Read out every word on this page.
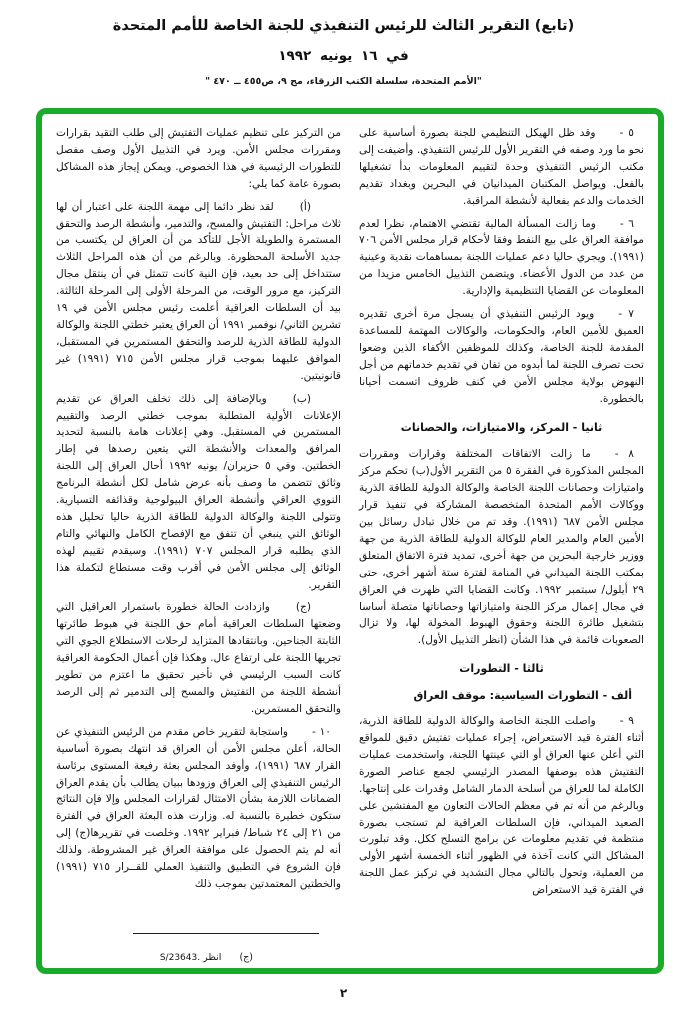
(تابع) التقرير الثالث للرئيس التنفيذي للجنة الخاصة للأمم المتحدة
في ١٦ يونيه ١٩٩٢
"الأمم المتحدة، سلسلة الكتب الزرقاء، مج ٩، ص٤٥٥ ــ ٤٧٠ "

٥ -وقد ظل الهيكل التنظيمي للجنة بصورة أساسية على نحو ما ورد وصفه في التقرير الأول للرئيس التنفيذي. وأضيفت إلى مكتب الرئيس التنفيذي وحدة لتقييم المعلومات بدأ تشغيلها بالفعل. ويواصل المكتبان الميدانيان في البحرين وبغداد تقديم الخدمات والدعم بفعالية لأنشطة المراقبة.

٦ -وما زالت المسألة المالية تقتضي الاهتمام، نظرا لعدم موافقة العراق على بيع النفط وفقا لأحكام قرار مجلس الأمن ٧٠٦ (١٩٩١). ويجري حاليا دعم عمليات اللجنة بمساهمات نقدية وعينية من عدد من الدول الأعضاء. ويتضمن التذييل الخامس مزيدا من المعلومات عن القضايا التنظيمية والإدارية.

٧ -ويود الرئيس التنفيذي أن يسجل مرة أخرى تقديره العميق للأمين العام، والحكومات، والوكالات المهتمة للمساعدة المقدمة للجنة الخاصة، وكذلك للموظفين الأكفاء الذين وضعوا تحت تصرف اللجنة لما أبدوه من تفان في تقديم خدماتهم من أجل النهوض بولاية مجلس الأمن في كنف ظروف اتسمت أحيانا بالخطورة.

ثانيا - المركز، والامتيازات، والحصانات

٨ -ما زالت الاتفاقات المختلفة وقرارات ومقررات المجلس المذكورة في الفقرة ٥ من التقرير الأول(ب) تحكم مركز وامتيازات وحصانات اللجنة الخاصة والوكالة الدولية للطاقة الذرية ووكالات الأمم المتحدة المتخصصة المشاركة في تنفيذ قرار مجلس الأمن ٦٨٧ (١٩٩١). وقد تم من خلال تبادل رسائل بين الأمين العام والمدير العام للوكالة الدولية للطاقة الذرية من جهة ووزير خارجية البحرين من جهة أخرى، تمديد فترة الاتفاق المتعلق بمكتب اللجنة الميداني في المنامة لفترة ستة أشهر أخرى، حتى ٢٩ أيلول/ سبتمبر ١٩٩٢. وكانت القضايا التي ظهرت في العراق في مجال إعمال مركز اللجنة وامتيازاتها وحصاناتها متصلة أساسا بتشغيل طائرة اللجنة وحقوق الهبوط المخولة لها، ولا تزال الصعوبات قائمة في هذا الشأن (انظر التذييل الأول).

ثالثا - التطورات
ألف - التطورات السياسية: موقف العراق

٩ -واصلت اللجنة الخاصة والوكالة الدولية للطاقة الذرية، أثناء الفترة قيد الاستعراض، إجراء عمليات تفتيش دقيق للمواقع التي أعلن عنها العراق أو التي عينتها اللجنة، واستخدمت عمليات التفتيش هذه بوصفها المصدر الرئيسي لجمع عناصر الصورة الكاملة لما للعراق من أسلحة الدمار الشامل وقدرات على إنتاجها. وبالرغم من أنه تم في معظم الحالات التعاون مع المفتشين على الصعيد الميداني، فإن السلطات العراقية لم تستجب بصورة منتظمة في تقديم معلومات عن برامج التسلح ككل. وقد تبلورت المشاكل التي كانت آخذة في الظهور أثناء الخمسة أشهر الأولى من العملية، وتحول بالتالي مجال التشديد في تركيز عمل اللجنة في الفترة قيد الاستعراض

من التركيز على تنظيم عمليات التفتيش إلى طلب التقيد بقرارات ومقررات مجلس الأمن. ويرد في التذييل الأول وصف مفصل للتطورات الرئيسية في هذا الخصوص. ويمكن إيجاز هذه المشاكل بصورة عامة كما يلي:

(أ)لقد نظر دائما إلى مهمة اللجنة على اعتبار أن لها ثلاث مراحل: التفتيش والمسح، والتدمير، وأنشطة الرصد والتحقق المستمرة والطويلة الأجل للتأكد من أن العراق لن يكتسب من جديد الأسلحة المحظورة. وبالرغم من أن هذه المراحل الثلاث ستتداخل إلى حد بعيد، فإن النية كانت تتمثل في أن ينتقل مجال التركيز، مع مرور الوقت، من المرحلة الأولى إلى المرحلة الثالثة. بيد أن السلطات العراقية أعلمت رئيس مجلس الأمن في ١٩ تشرين الثاني/ نوفمبر ١٩٩١ أن العراق يعتبر خطتي اللجنة والوكالة الدولية للطاقة الذرية للرصد والتحقق المستمرين في المستقبل، الموافق عليهما بموجب قرار مجلس الأمن ٧١٥ (١٩٩١) غير قانونيتين.

(ب)وبالإضافة إلى ذلك تخلف العراق عن تقديم الإعلانات الأولية المتطلبة بموجب خطتي الرصد والتقييم المستمرين في المستقبل. وهي إعلانات هامة بالنسبة لتحديد المرافق والمعدات والأنشطة التي يتعين رصدها في إطار الخطتين. وفي ٥ حزيران/ يونيه ١٩٩٢ أحال العراق إلى اللجنة وثائق تتضمن ما وصف بأنه عرض شامل لكل أنشطة البرنامج النووي العراقي وأنشطة العراق البيولوجية وقذائفه التسيارية. وتتولى اللجنة والوكالة الدولية للطاقة الذرية حاليا تحليل هذه الوثائق التي ينبغي أن تتفق مع الإفصاح الكامل والنهائي والتام الذي يطلبه قرار المجلس ٧٠٧ (١٩٩١). وسيقدم تقييم لهذه الوثائق إلى مجلس الأمن في أقرب وقت مستطاع لتكملة هذا التقرير.

(ج)وازدادت الحالة خطورة باستمرار العراقيل التي وضعتها السلطات العراقية أمام حق اللجنة في هبوط طائرتها الثابتة الجناحين. وبانتقادها المتزايد لرحلات الاستطلاع الجوي التي تجريها اللجنة على ارتفاع عال. وهكذا فإن أعمال الحكومة العراقية كانت السبب الرئيسي في تأخير تحقيق ما اعتزم من تطوير أنشطة اللجنة من التفتيش والمسح إلى التدمير ثم إلى الرصد والتحقق المستمرين.

١٠ -واستجابة لتقرير خاص مقدم من الرئيس التنفيذي عن الحالة، أعلن مجلس الأمن أن العراق قد انتهك بصورة أساسية القرار ٦٨٧ (١٩٩١)، وأوفد المجلس بعثة رفيعة المستوى برئاسة الرئيس التنفيذي إلى العراق وزودها ببيان يطالب بأن يقدم العراق الضمانات اللازمة بشأن الامتثال لقرارات المجلس وإلا فإن النتائج ستكون خطيرة بالنسبة له. وزارت هذه البعثة العراق في الفترة من ٢١ إلى ٢٤ شباط/ فبراير ١٩٩٢. وخلصت في تقريرها(ج) إلى أنه لم يتم الحصول على موافقة العراق غير المشروطة. ولذلك فإن الشروع في التطبيق والتنفيذ العملي للقــرار ٧١٥ (١٩٩١) والخطتين المعتمدتين بموجب ذلك

(ج)انظر S/23643.
٢
